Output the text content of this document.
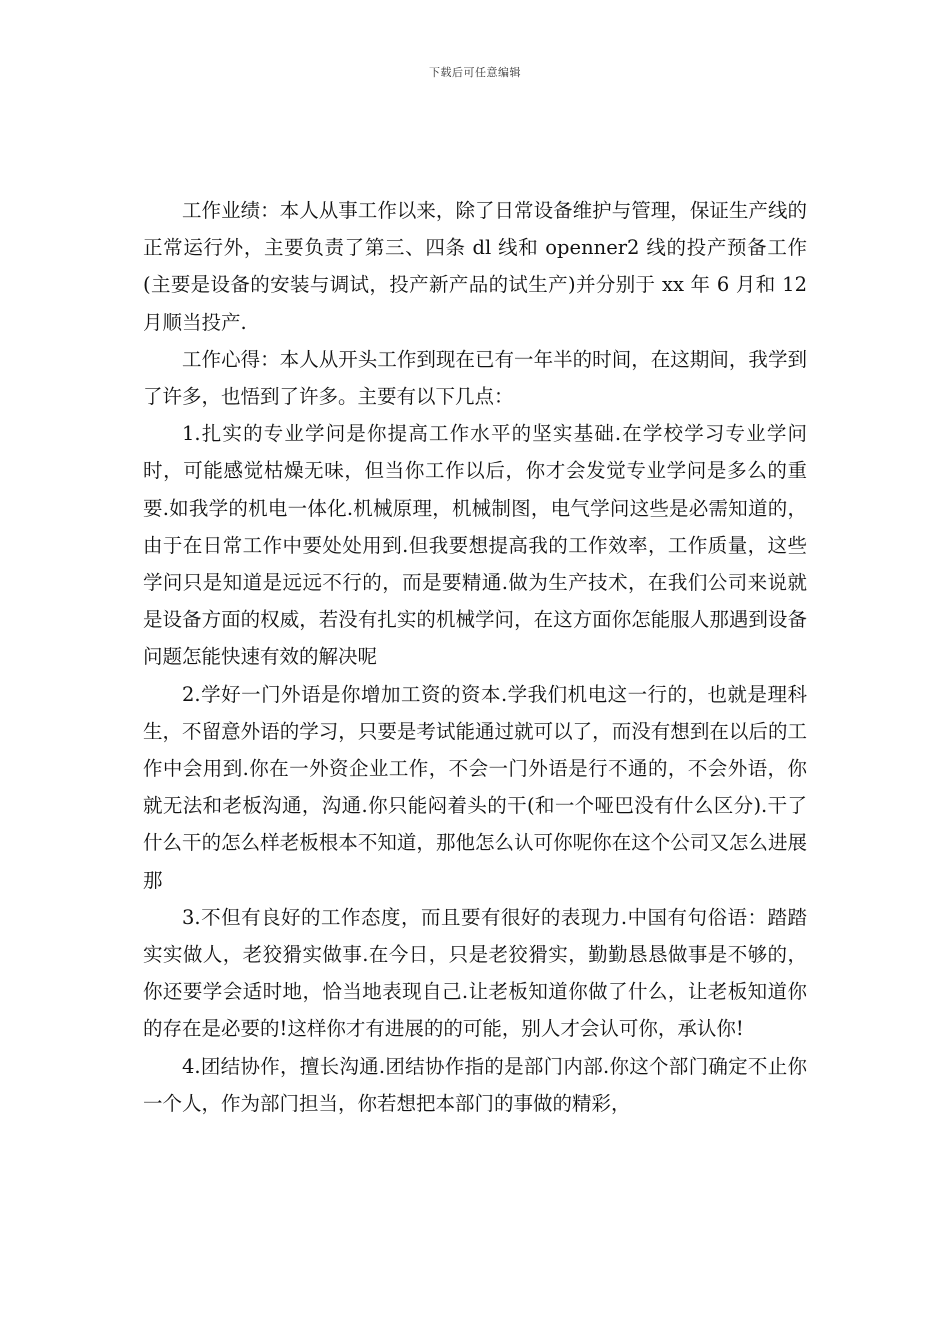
下载后可任意编辑

工作业绩：本人从事工作以来，除了日常设备维护与管理，保证生产线的正常运行外，主要负责了第三、四条 dl 线和 openner2 线的投产预备工作(主要是设备的安装与调试，投产新产品的试生产)并分别于 xx 年 6 月和 12 月顺当投产.

工作心得：本人从开头工作到现在已有一年半的时间，在这期间，我学到了许多，也悟到了许多。主要有以下几点：

1.扎实的专业学问是你提高工作水平的坚实基础.在学校学习专业学问时，可能感觉枯燥无味，但当你工作以后，你才会发觉专业学问是多么的重要.如我学的机电一体化.机械原理，机械制图，电气学问这些是必需知道的，由于在日常工作中要处处用到.但我要想提高我的工作效率，工作质量，这些学问只是知道是远远不行的，而是要精通.做为生产技术，在我们公司来说就是设备方面的权威，若没有扎实的机械学问，在这方面你怎能服人那遇到设备问题怎能快速有效的解决呢

2.学好一门外语是你增加工资的资本.学我们机电这一行的，也就是理科生，不留意外语的学习，只要是考试能通过就可以了，而没有想到在以后的工作中会用到.你在一外资企业工作，不会一门外语是行不通的，不会外语，你就无法和老板沟通，沟通.你只能闷着头的干(和一个哑巴没有什么区分).干了什么干的怎么样老板根本不知道，那他怎么认可你呢你在这个公司又怎么进展那

3.不但有良好的工作态度，而且要有很好的表现力.中国有句俗语：踏踏实实做人，老狡猾实做事.在今日，只是老狡猾实，勤勤恳恳做事是不够的，你还要学会适时地，恰当地表现自己.让老板知道你做了什么，让老板知道你的存在是必要的!这样你才有进展的的可能，别人才会认可你，承认你!

4.团结协作，擅长沟通.团结协作指的是部门内部.你这个部门确定不止你一个人，作为部门担当，你若想把本部门的事做的精彩，
